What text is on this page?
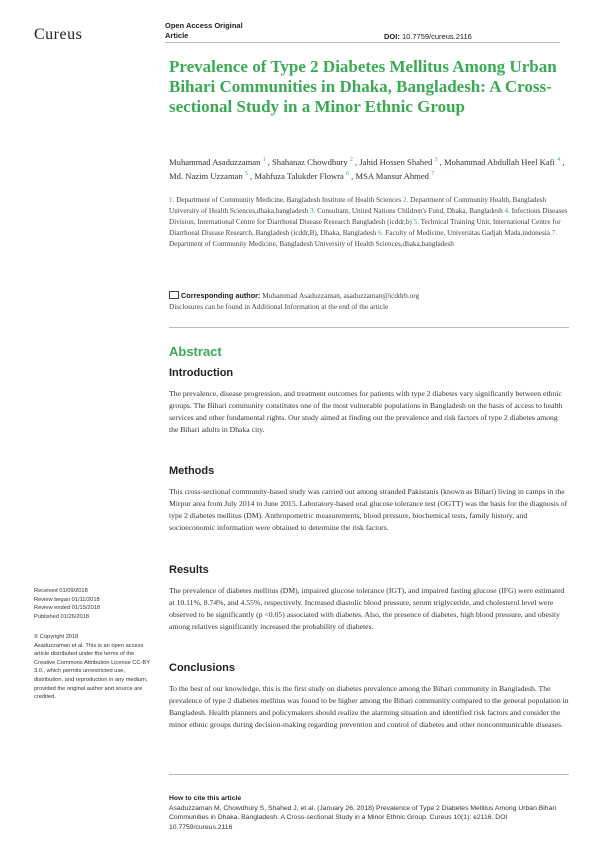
Cureus
Open Access Original
Article	DOI: 10.7759/cureus.2116
Prevalence of Type 2 Diabetes Mellitus Among Urban Bihari Communities in Dhaka, Bangladesh: A Cross-sectional Study in a Minor Ethnic Group
Muhammad Asaduzzaman $^1$ , Shahanaz Chowdhury $^2$ , Jahid Hossen Shahed $^3$ , Mohammad Abdullah Heel Kafi $^4$ , Md. Nazim Uzzaman $^5$ , Mahfuza Talukder Flowra $^6$ , MSA Mansur Ahmed $^7$
1. Department of Community Medicine, Bangladesh Institute of Health Sciences 2. Department of Community Health, Bangladesh University of Health Sciences,dhaka,bangladesh 3. Consultant, United Nations Children's Fund, Dhaka, Bangladesh 4. Infectious Diseases Division, International Centre for Diarrhoeal Disease Research Bangladesh (icddr,b) 5. Technical Training Unit, International Centre for Diarrhoeal Disease Research, Bangladesh (icddr,B), Dhaka, Bangladesh 6. Faculty of Medicine, Universitas Gadjah Mada,indonesia 7. Department of Community Medicine, Bangladesh University of Health Sciences,dhaka,bangladesh
Corresponding author: Muhammad Asaduzzaman, asaduzzaman@icddrb.org
Disclosures can be found in Additional Information at the end of the article
Abstract
Introduction
The prevalence, disease progression, and treatment outcomes for patients with type 2 diabetes vary significantly between ethnic groups. The Bihari community constitutes one of the most vulnerable populations in Bangladesh on the basis of access to health services and other fundamental rights. Our study aimed at finding out the prevalence and risk factors of type 2 diabetes among the Bihari adults in Dhaka city.
Methods
This cross-sectional community-based study was carried out among stranded Pakistanis (known as Bihari) living in camps in the Mirpur area from July 2014 to June 2015. Laboratory-based oral glucose tolerance test (OGTT) was the basis for the diagnosis of type 2 diabetes mellitus (DM). Anthropometric measurements, blood pressure, biochemical tests, family history, and socioeconomic information were obtained to determine the risk factors.
Results
The prevalence of diabetes mellitus (DM), impaired glucose tolerance (IGT), and impaired fasting glucose (IFG) were estimated at 10.11%, 8.74%, and 4.55%, respectively. Increased diastolic blood pressure, serum triglyceride, and cholesterol level were observed to be significantly (p <0.05) associated with diabetes. Also, the presence of diabetes, high blood pressure, and obesity among relatives significantly increased the probability of diabetes.
Conclusions
To the best of our knowledge, this is the first study on diabetes prevalence among the Bihari community in Bangladesh. The prevalence of type 2 diabetes mellitus was found to be higher among the Bihari community compared to the general population in Bangladesh. Health planners and policymakers should realize the alarming situation and identified risk factors and consider the minor ethnic groups during decision-making regarding prevention and control of diabetes and other noncommunicable diseases.
Received 01/09/2018
Review began 01/11/2018
Review ended 01/15/2018
Published 01/26/2018
© Copyright 2018
Asaduzzaman et al. This is an open access article distributed under the terms of the Creative Commons Attribution License CC-BY 3.0., which permits unrestricted use, distribution, and reproduction in any medium, provided the original author and source are credited.
How to cite this article
Asaduzzaman M, Chowdhury S, Shahed J, et al. (January 26, 2018) Prevalence of Type 2 Diabetes Mellitus Among Urban Bihari Communities in Dhaka, Bangladesh: A Cross-sectional Study in a Minor Ethnic Group. Cureus 10(1): e2116. DOI 10.7759/cureus.2116
